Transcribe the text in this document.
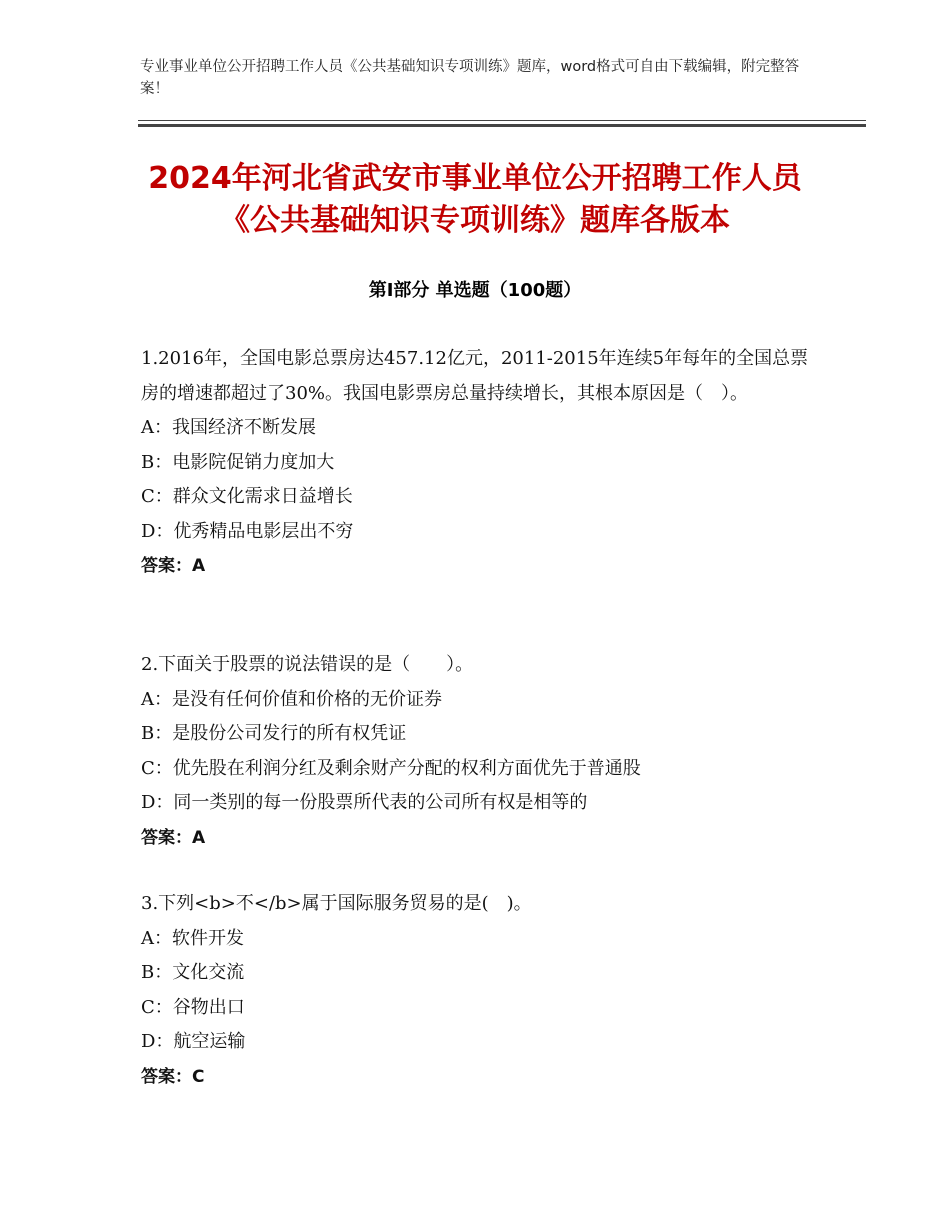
专业事业单位公开招聘工作人员《公共基础知识专项训练》题库，word格式可自由下载编辑，附完整答案！
2024年河北省武安市事业单位公开招聘工作人员《公共基础知识专项训练》题库各版本
第Ⅰ部分 单选题（100题）
1.2016年，全国电影总票房达457.12亿元，2011-2015年连续5年每年的全国总票房的增速都超过了30%。我国电影票房总量持续增长，其根本原因是（　）。
A：我国经济不断发展
B：电影院促销力度加大
C：群众文化需求日益增长
D：优秀精品电影层出不穷
答案：A
2.下面关于股票的说法错误的是（　　）。
A：是没有任何价值和价格的无价证券
B：是股份公司发行的所有权凭证
C：优先股在利润分红及剩余财产分配的权利方面优先于普通股
D：同一类别的每一份股票所代表的公司所有权是相等的
答案：A
3.下列<b>不</b>属于国际服务贸易的是(　)。
A：软件开发
B：文化交流
C：谷物出口
D：航空运输
答案：C
